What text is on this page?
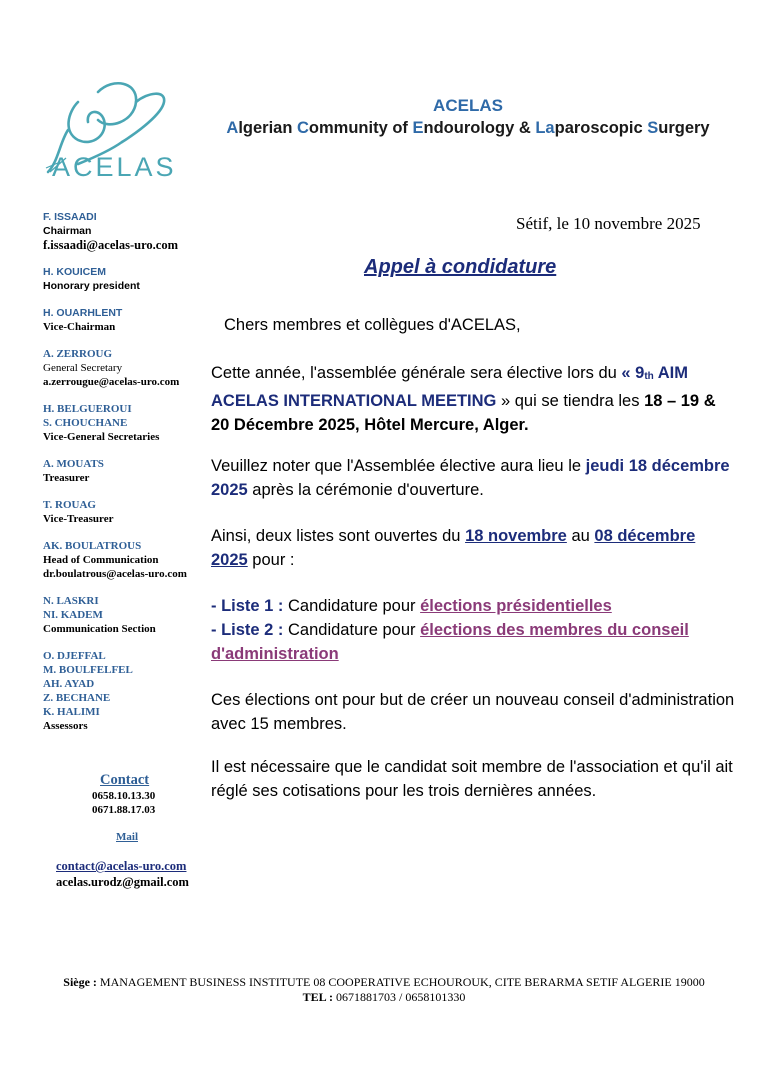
ACELAS
ACELAS
Algerian Community of Endourology & Laparoscopic Surgery
F. ISSAADI
Chairman
f.issaadi@acelas-uro.com
H. KOUICEM
Honorary president
H. OUARHLENT
Vice-Chairman
A. ZERROUG
General Secretary
a.zerrougue@acelas-uro.com
H. BELGUEROUI
S. CHOUCHANE
Vice-General Secretaries
A. MOUATS
Treasurer
T. ROUAG
Vice-Treasurer
AK. BOULATROUS
Head of Communication
dr.boulatrous@acelas-uro.com
N. LASKRI
NI. KADEM
Communication Section
O. DJEFFAL
M. BOULFELFEL
AH. AYAD
Z. BECHANE
K. HALIMI
Assessors
Contact
0658.10.13.30
0671.88.17.03
Mail
contact@acelas-uro.com
acelas.urodz@gmail.com
Sétif, le 10 novembre 2025
Appel à condidature
Chers membres et collègues d'ACELAS,
Cette année, l'assemblée générale sera élective lors du « $9_{th}$ AIM ACELAS INTERNATIONAL MEETING » qui se tiendra les 18 – 19 & 20 Décembre 2025, Hôtel Mercure, Alger.
Veuillez noter que l'Assemblée élective aura lieu le jeudi 18 décembre 2025 après la cérémonie d'ouverture.
Ainsi, deux listes sont ouvertes du 18 novembre au 08 décembre 2025 pour :
- Liste 1 : Candidature pour élections présidentielles
- Liste 2 : Candidature pour élections des membres du conseil d'administration
Ces élections ont pour but de créer un nouveau conseil d'administration avec 15 membres.
Il est nécessaire que le candidat soit membre de l'association et qu'il ait réglé ses cotisations pour les trois dernières années.
Siège : MANAGEMENT BUSINESS INSTITUTE 08 COOPERATIVE ECHOUROUK, CITE BERARMA SETIF ALGERIE 19000
TEL : 0671881703 / 0658101330
